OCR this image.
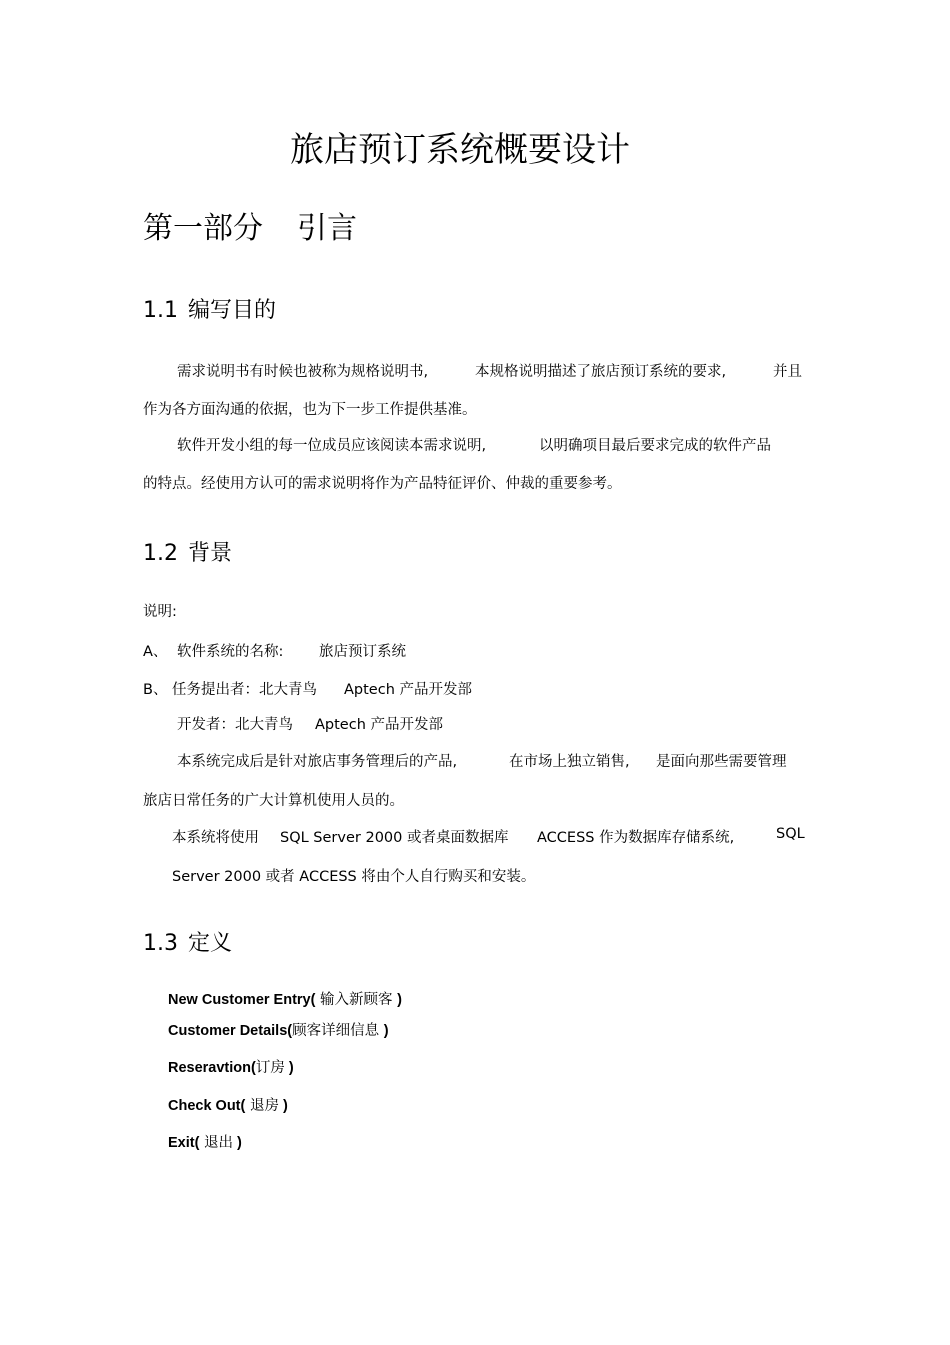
旅店预订系统概要设计
第一部分 引言
1.1 编写目的
需求说明书有时候也被称为规格说明书,	本规格说明描述了旅店预订系统的要求,	并且
作为各方面沟通的依据，也为下一步工作提供基准。
软件开发小组的每一位成员应该阅读本需求说明,	以明确项目最后要求完成的软件产品
的特点。经使用方认可的需求说明将作为产品特征评价、仲裁的重要参考。
1.2 背景
说明:
A、 软件系统的名称: 旅店预订系统
B、 任务提出者：北大青鸟 Aptech 产品开发部
开发者：北大青鸟 Aptech 产品开发部
本系统完成后是针对旅店事务管理后的产品,	在市场上独立销售, 是面向那些需要管理
旅店日常任务的广大计算机使用人员的。
本系统将使用 SQL Server 2000 或者桌面数据库 ACCESS 作为数据库存储系统,	SQL
Server 2000 或者 ACCESS 将由个人自行购买和安装。
1.3 定义
New Customer Entry( 输入新顾客 )
Customer Details(顾客详细信息 )
Reseravtion(订房 )
Check Out( 退房 )
Exit( 退出 )
